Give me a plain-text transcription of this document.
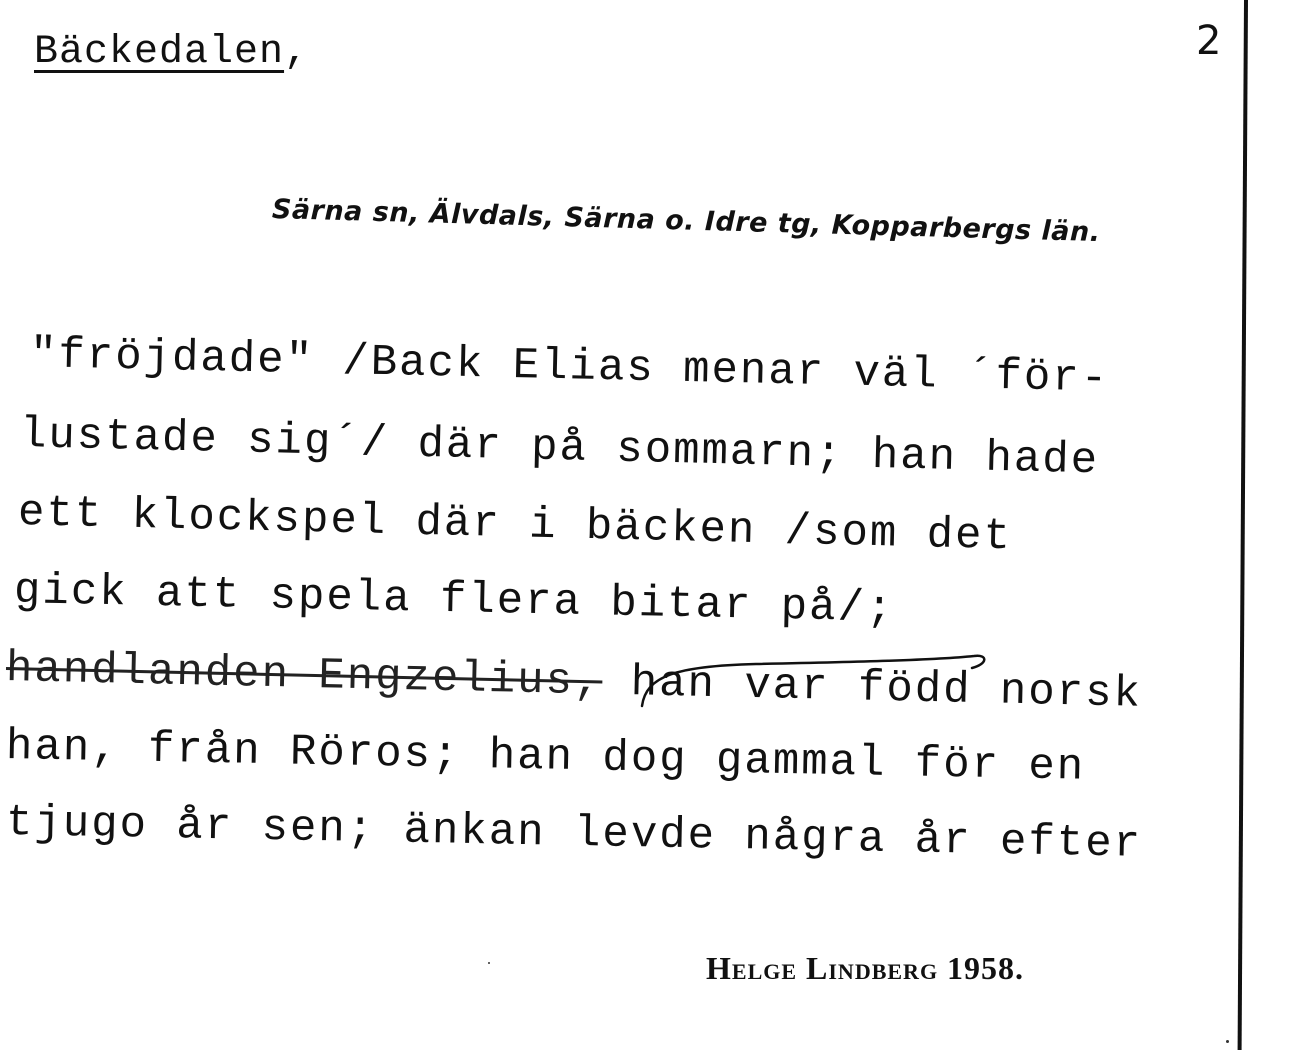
Bäckedalen,	2
Särna sn, Älvdals, Särna o. Idre tg, Kopparbergs län.
"fröjdade" /Back Elias menar väl ´för-
lustade sig´/ där på sommarn; han hade
ett klockspel där i bäcken /som det
gick att spela flera bitar på/;
handlanden Engzelius, han var född norsk
han, från Röros; han dog gammal för en
tjugo år sen; änkan levde några år efter
Helge Lindberg 1958.
